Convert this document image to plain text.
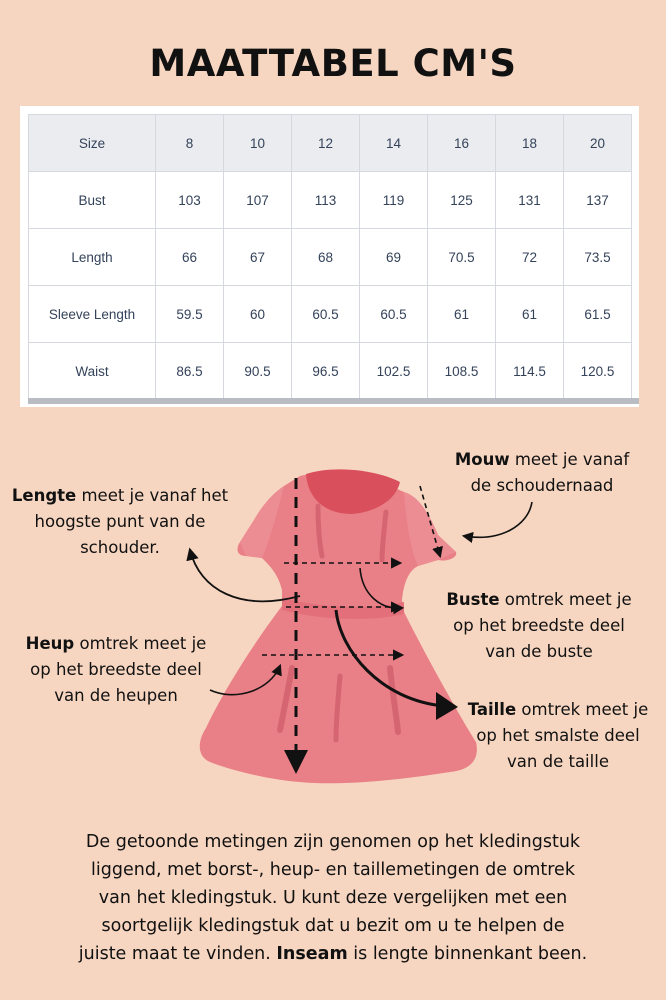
MAATTABEL CM'S
Size	8	10	12	14	16	18	20
Bust	103	107	113	119	125	131	137
Length	66	67	68	69	70.5	72	73.5
Sleeve Length	59.5	60	60.5	60.5	61	61	61.5
Waist	86.5	90.5	96.5	102.5	108.5	114.5	120.5
Lengte meet je vanaf het
hoogste punt van de
schouder.
Mouw meet je vanaf
de schoudernaad
Buste omtrek meet je
op het breedste deel
van de buste
Heup omtrek meet je
op het breedste deel
van de heupen
Taille omtrek meet je
op het smalste deel
van de taille
De getoonde metingen zijn genomen op het kledingstuk
liggend, met borst-, heup- en taillemetingen de omtrek
van het kledingstuk. U kunt deze vergelijken met een
soortgelijk kledingstuk dat u bezit om u te helpen de
juiste maat te vinden. Inseam is lengte binnenkant been.
